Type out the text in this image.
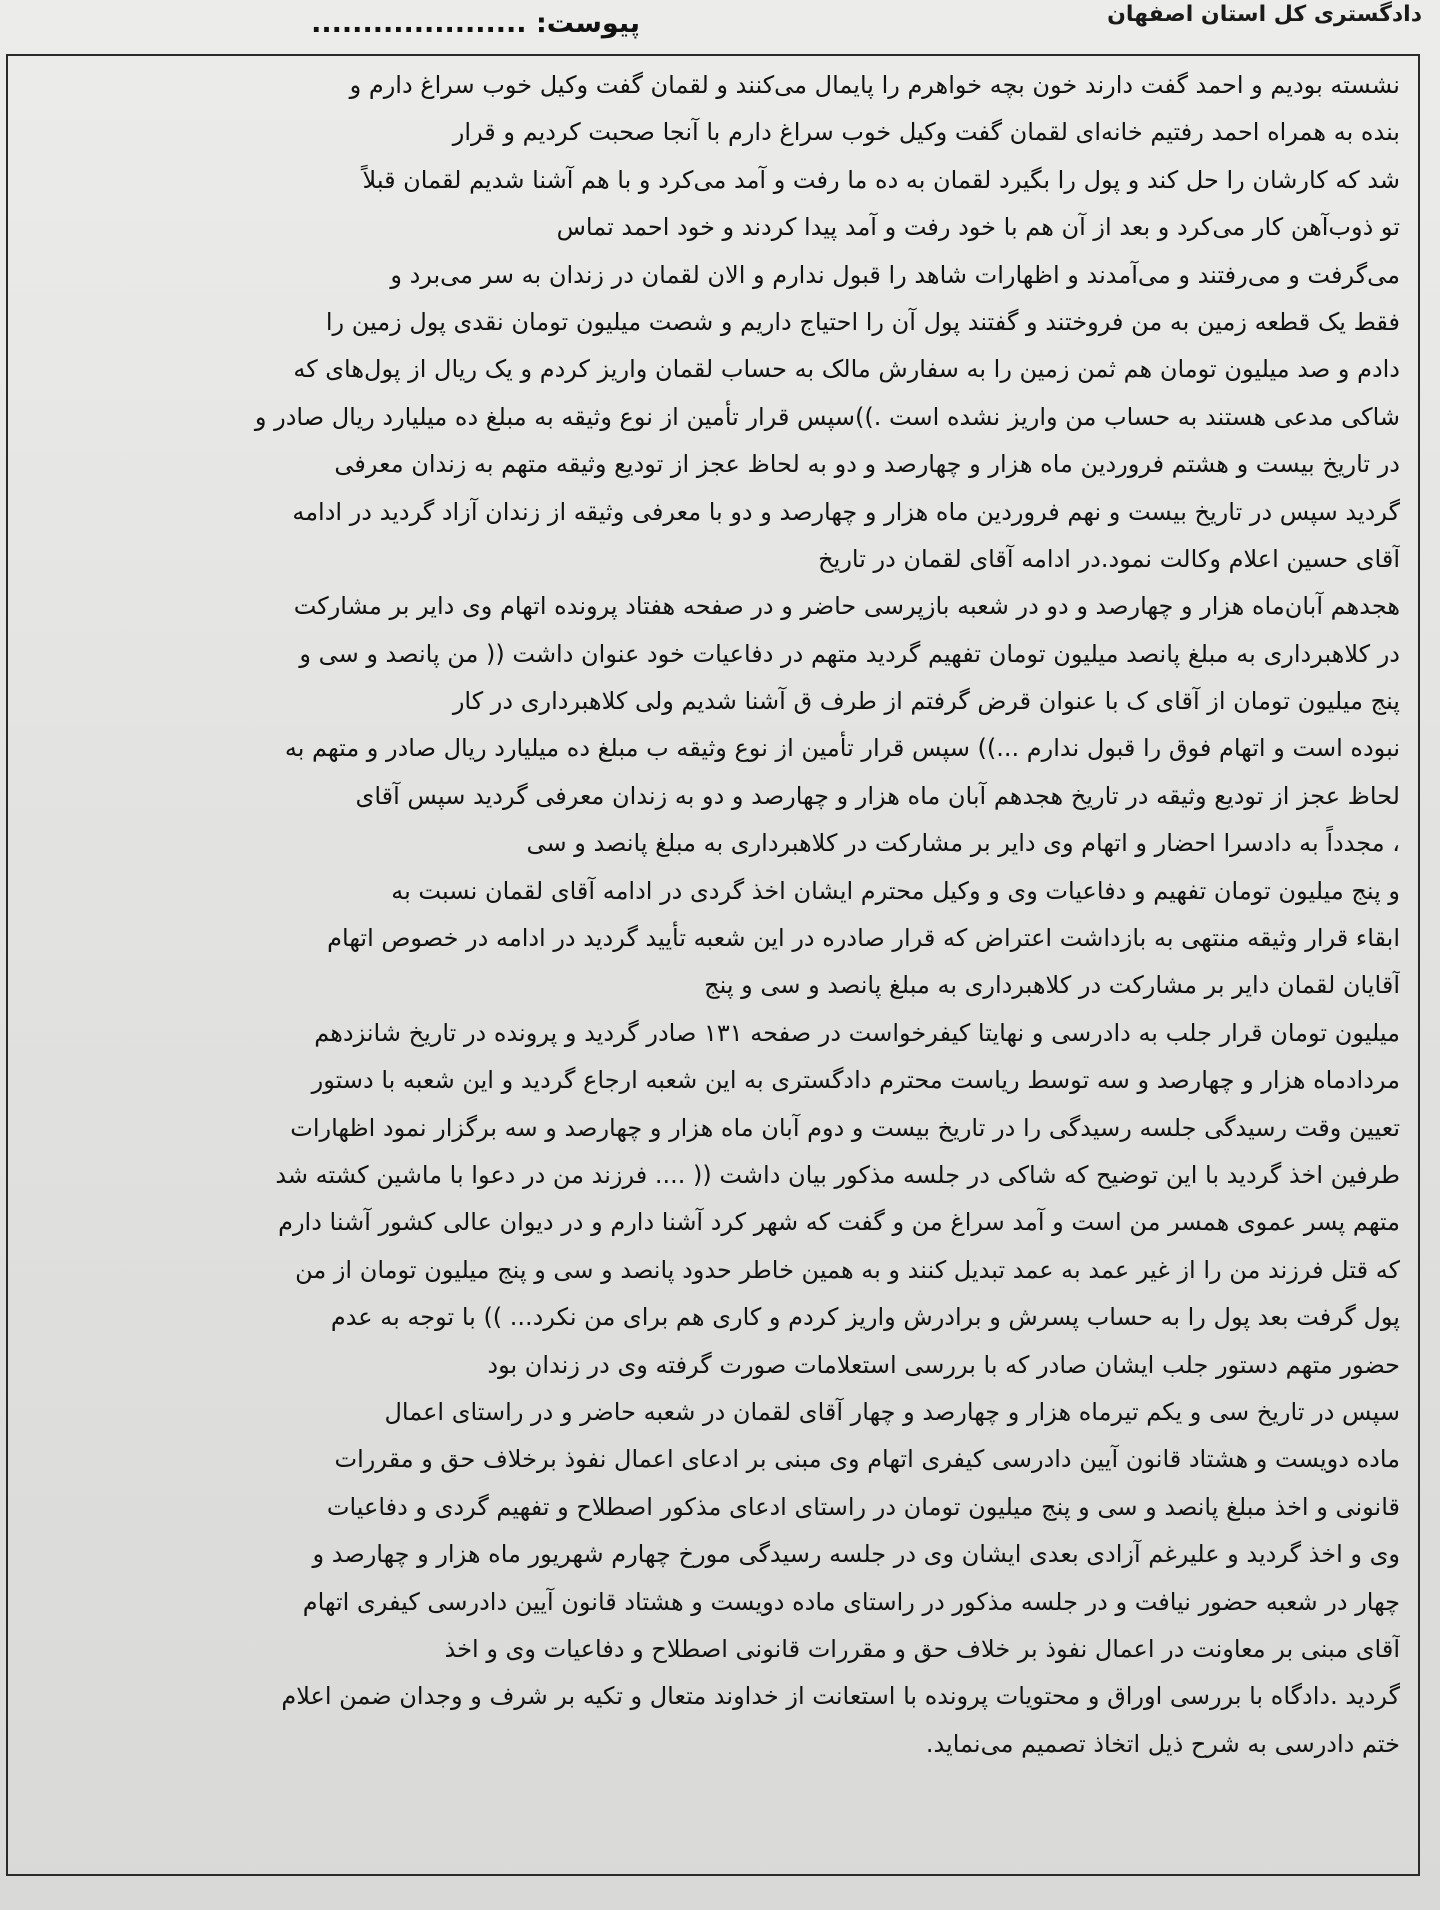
دادگستری کل استان اصفهان
پیوست: .....................
نشسته بودیم و احمد گفت دارند خون بچه خواهرم را پایمال می‌کنند و لقمان گفت وکیل خوب سراغ دارم و
بنده به همراه احمد رفتیم خانه‌ای لقمان گفت وکیل خوب سراغ دارم با آنجا صحبت کردیم و قرار
شد که کارشان را حل کند و پول را بگیرد لقمان به ده ما رفت و آمد می‌کرد و با هم آشنا شدیم لقمان قبلاً
تو ذوب‌آهن کار می‌کرد و بعد از آن هم با خود رفت و آمد پیدا کردند و خود احمد تماس
می‌گرفت و می‌رفتند و می‌آمدند و اظهارات شاهد را قبول ندارم و الان لقمان در زندان به سر می‌برد و
فقط یک قطعه زمین به من فروختند و گفتند پول آن را احتیاج داریم و شصت میلیون تومان نقدی پول زمین را
دادم و صد میلیون تومان هم ثمن زمین را به سفارش مالک به حساب لقمان واریز کردم و یک ریال از پول‌های که
شاکی مدعی هستند به حساب من واریز نشده است .))سپس قرار تأمین از نوع وثیقه به مبلغ ده میلیارد ریال صادر و
در تاریخ بیست و هشتم فروردین ماه هزار و چهارصد و دو به لحاظ عجز از تودیع وثیقه متهم به زندان معرفی
گردید سپس در تاریخ بیست و نهم فروردین ماه هزار و چهارصد و دو با معرفی وثیقه از زندان آزاد گردید در ادامه
آقای حسین اعلام وکالت نمود.در ادامه آقای لقمان در تاریخ
هجدهم آبان‌ماه هزار و چهارصد و دو در شعبه بازپرسی حاضر و در صفحه هفتاد پرونده اتهام وی دایر بر مشارکت
در کلاهبرداری به مبلغ پانصد میلیون تومان تفهیم گردید متهم در دفاعیات خود عنوان داشت (( من پانصد و سی و
پنج میلیون تومان از آقای ک با عنوان قرض گرفتم از طرف ق آشنا شدیم ولی کلاهبرداری در کار
نبوده است و اتهام فوق را قبول ندارم ...)) سپس قرار تأمین از نوع وثیقه ب مبلغ ده میلیارد ریال صادر و متهم به
لحاظ عجز از تودیع وثیقه در تاریخ هجدهم آبان ماه هزار و چهارصد و دو به زندان معرفی گردید سپس آقای
، مجدداً به دادسرا احضار و اتهام وی دایر بر مشارکت در کلاهبرداری به مبلغ پانصد و سی
و پنج میلیون تومان تفهیم و دفاعیات وی و وکیل محترم ایشان اخذ گردی در ادامه آقای لقمان نسبت به
ابقاء قرار وثیقه منتهی به بازداشت اعتراض که قرار صادره در این شعبه تأیید گردید در ادامه در خصوص اتهام
آقایان لقمان دایر بر مشارکت در کلاهبرداری به مبلغ پانصد و سی و پنج
میلیون تومان قرار جلب به دادرسی و نهایتا کیفرخواست در صفحه ۱۳۱ صادر گردید و پرونده در تاریخ شانزدهم
مردادماه هزار و چهارصد و سه توسط ریاست محترم دادگستری به این شعبه ارجاع گردید و این شعبه با دستور
تعیین وقت رسیدگی جلسه رسیدگی را در تاریخ بیست و دوم آبان ماه هزار و چهارصد و سه برگزار نمود اظهارات
طرفین اخذ گردید با این توضیح که شاکی در جلسه مذکور بیان داشت (( .... فرزند من در دعوا با ماشین کشته شد
متهم پسر عموی همسر من است و آمد سراغ من و گفت که شهر کرد آشنا دارم و در دیوان عالی کشور آشنا دارم
که قتل فرزند من را از غیر عمد به عمد تبدیل کنند و به همین خاطر حدود پانصد و سی و پنج میلیون تومان از من
پول گرفت بعد پول را به حساب پسرش و برادرش واریز کردم و کاری هم برای من نکرد... )) با توجه به عدم
حضور متهم دستور جلب ایشان صادر که با بررسی استعلامات صورت گرفته وی در زندان بود
سپس در تاریخ سی و یکم تیرماه هزار و چهارصد و چهار آقای لقمان در شعبه حاضر و در راستای اعمال
ماده دویست و هشتاد قانون آیین دادرسی کیفری اتهام وی مبنی بر ادعای اعمال نفوذ برخلاف حق و مقررات
قانونی و اخذ مبلغ پانصد و سی و پنج میلیون تومان در راستای ادعای مذکور اصطلاح و تفهیم گردی و دفاعیات
وی و اخذ گردید و علیرغم آزادی بعدی ایشان وی در جلسه رسیدگی مورخ چهارم شهریور ماه هزار و چهارصد و
چهار در شعبه حضور نیافت و در جلسه مذکور در راستای ماده دویست و هشتاد قانون آیین دادرسی کیفری اتهام
آقای مبنی بر معاونت در اعمال نفوذ بر خلاف حق و مقررات قانونی اصطلاح و دفاعیات وی و اخذ
گردید .دادگاه با بررسی اوراق و محتویات پرونده با استعانت از خداوند متعال و تکیه بر شرف و وجدان ضمن اعلام
ختم دادرسی به شرح ذیل اتخاذ تصمیم می‌نماید.
